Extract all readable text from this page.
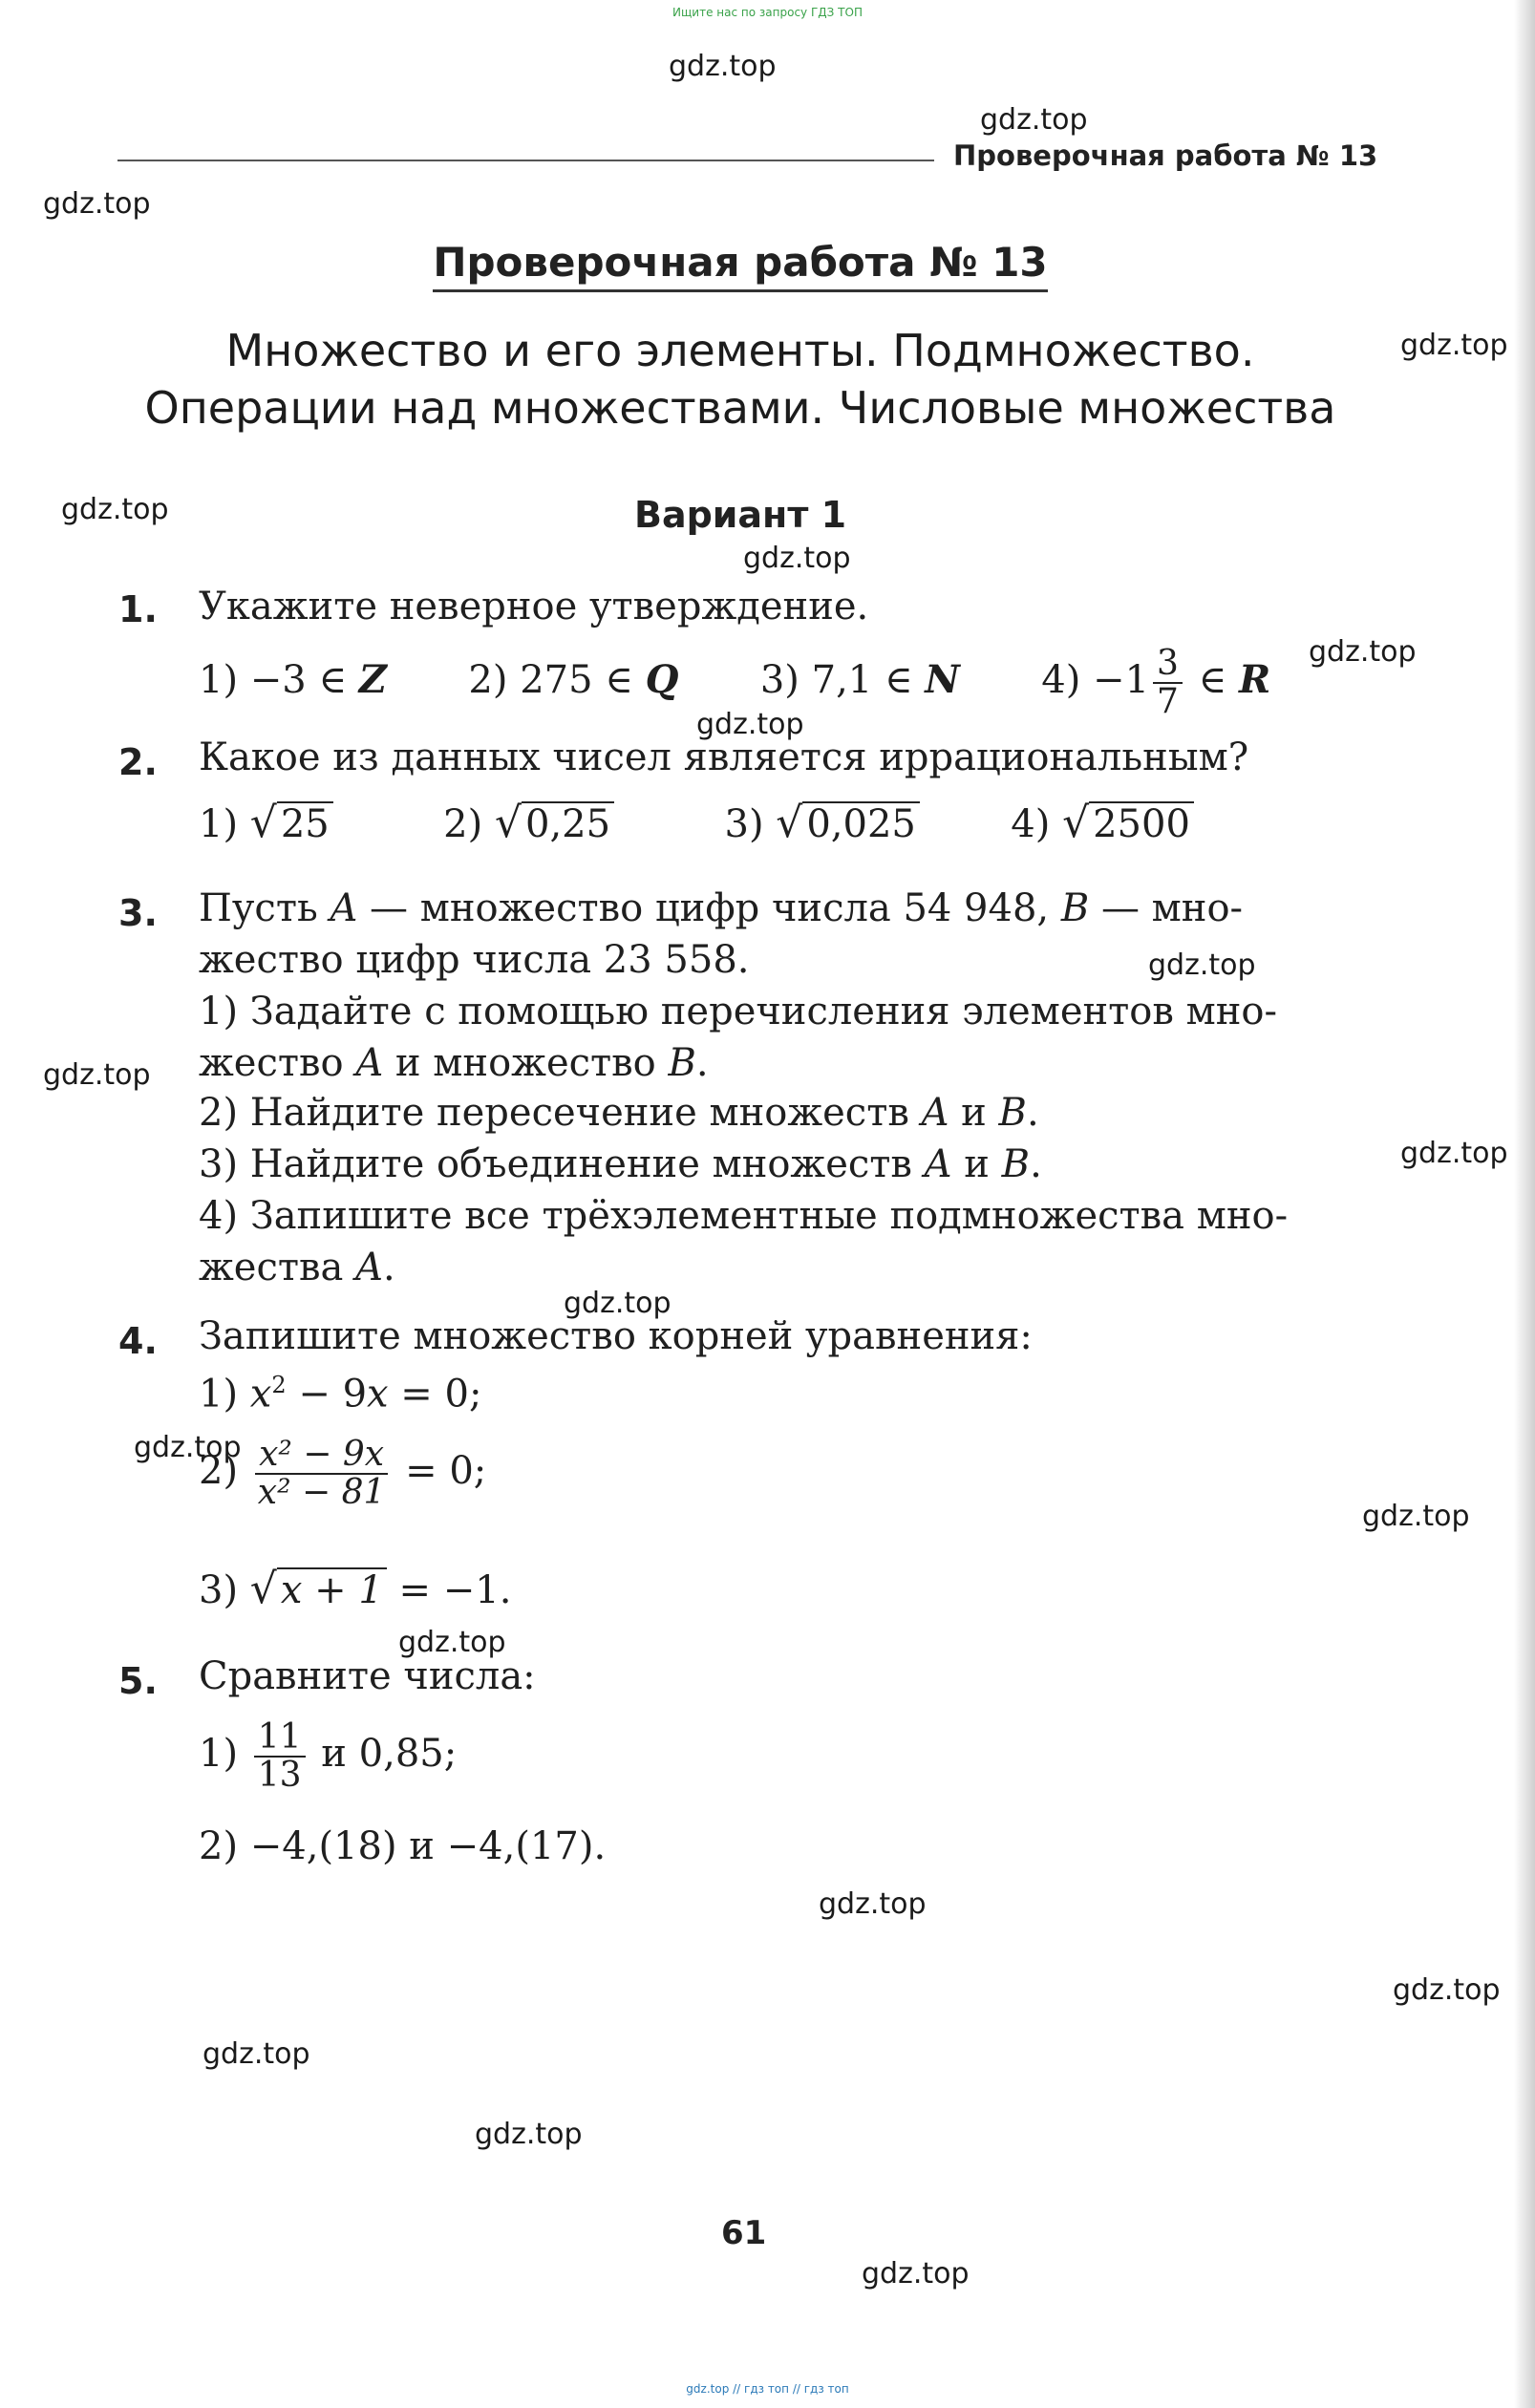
Ищите нас по запросу ГДЗ ТОП
gdz.top
gdz.top
gdz.top
gdz.top
gdz.top
gdz.top
gdz.top
gdz.top
gdz.top
gdz.top
gdz.top
gdz.top
gdz.top
gdz.top
gdz.top
gdz.top
gdz.top
gdz.top
gdz.top
gdz.top
Проверочная работа № 13
Проверочная работа № 13
Множество и его элементы. Подмножество.
Операции над множествами. Числовые множества
Вариант 1
1. Укажите неверное утверждение.
1) −3 ∈ Z 2) 275 ∈ Q 3) 7,1 ∈ N $4) -1 \frac{3}{7}$ ∈ R
2. Какое из данных чисел является иррациональным?
1) √ 25	2) √ 0,25	3) √ 0,025 4) √ 2500
3. Пусть A — множество цифр числа 54 948, B — мно-
жество цифр числа 23 558.
1) Задайте с помощью перечисления элементов мно-
жество A и множество B.
2) Найдите пересечение множеств A и B.
3) Найдите объединение множеств A и B.
4) Запишите все трёхэлементные подмножества мно-
жества A.
4. Запишите множество корней уравнения:
1) $x^2 - 9x = 0$;
$2) \frac{\text{x² − 9x}}{\text{x² − 81}} = 0$;
3) √ x + 1 = −1.
5. Сравните числа:
$1) \frac{11}{13}$ и 0,85;
2) −4,(18) и −4,(17).
61
gdz.top // гдз топ // гдз топ
